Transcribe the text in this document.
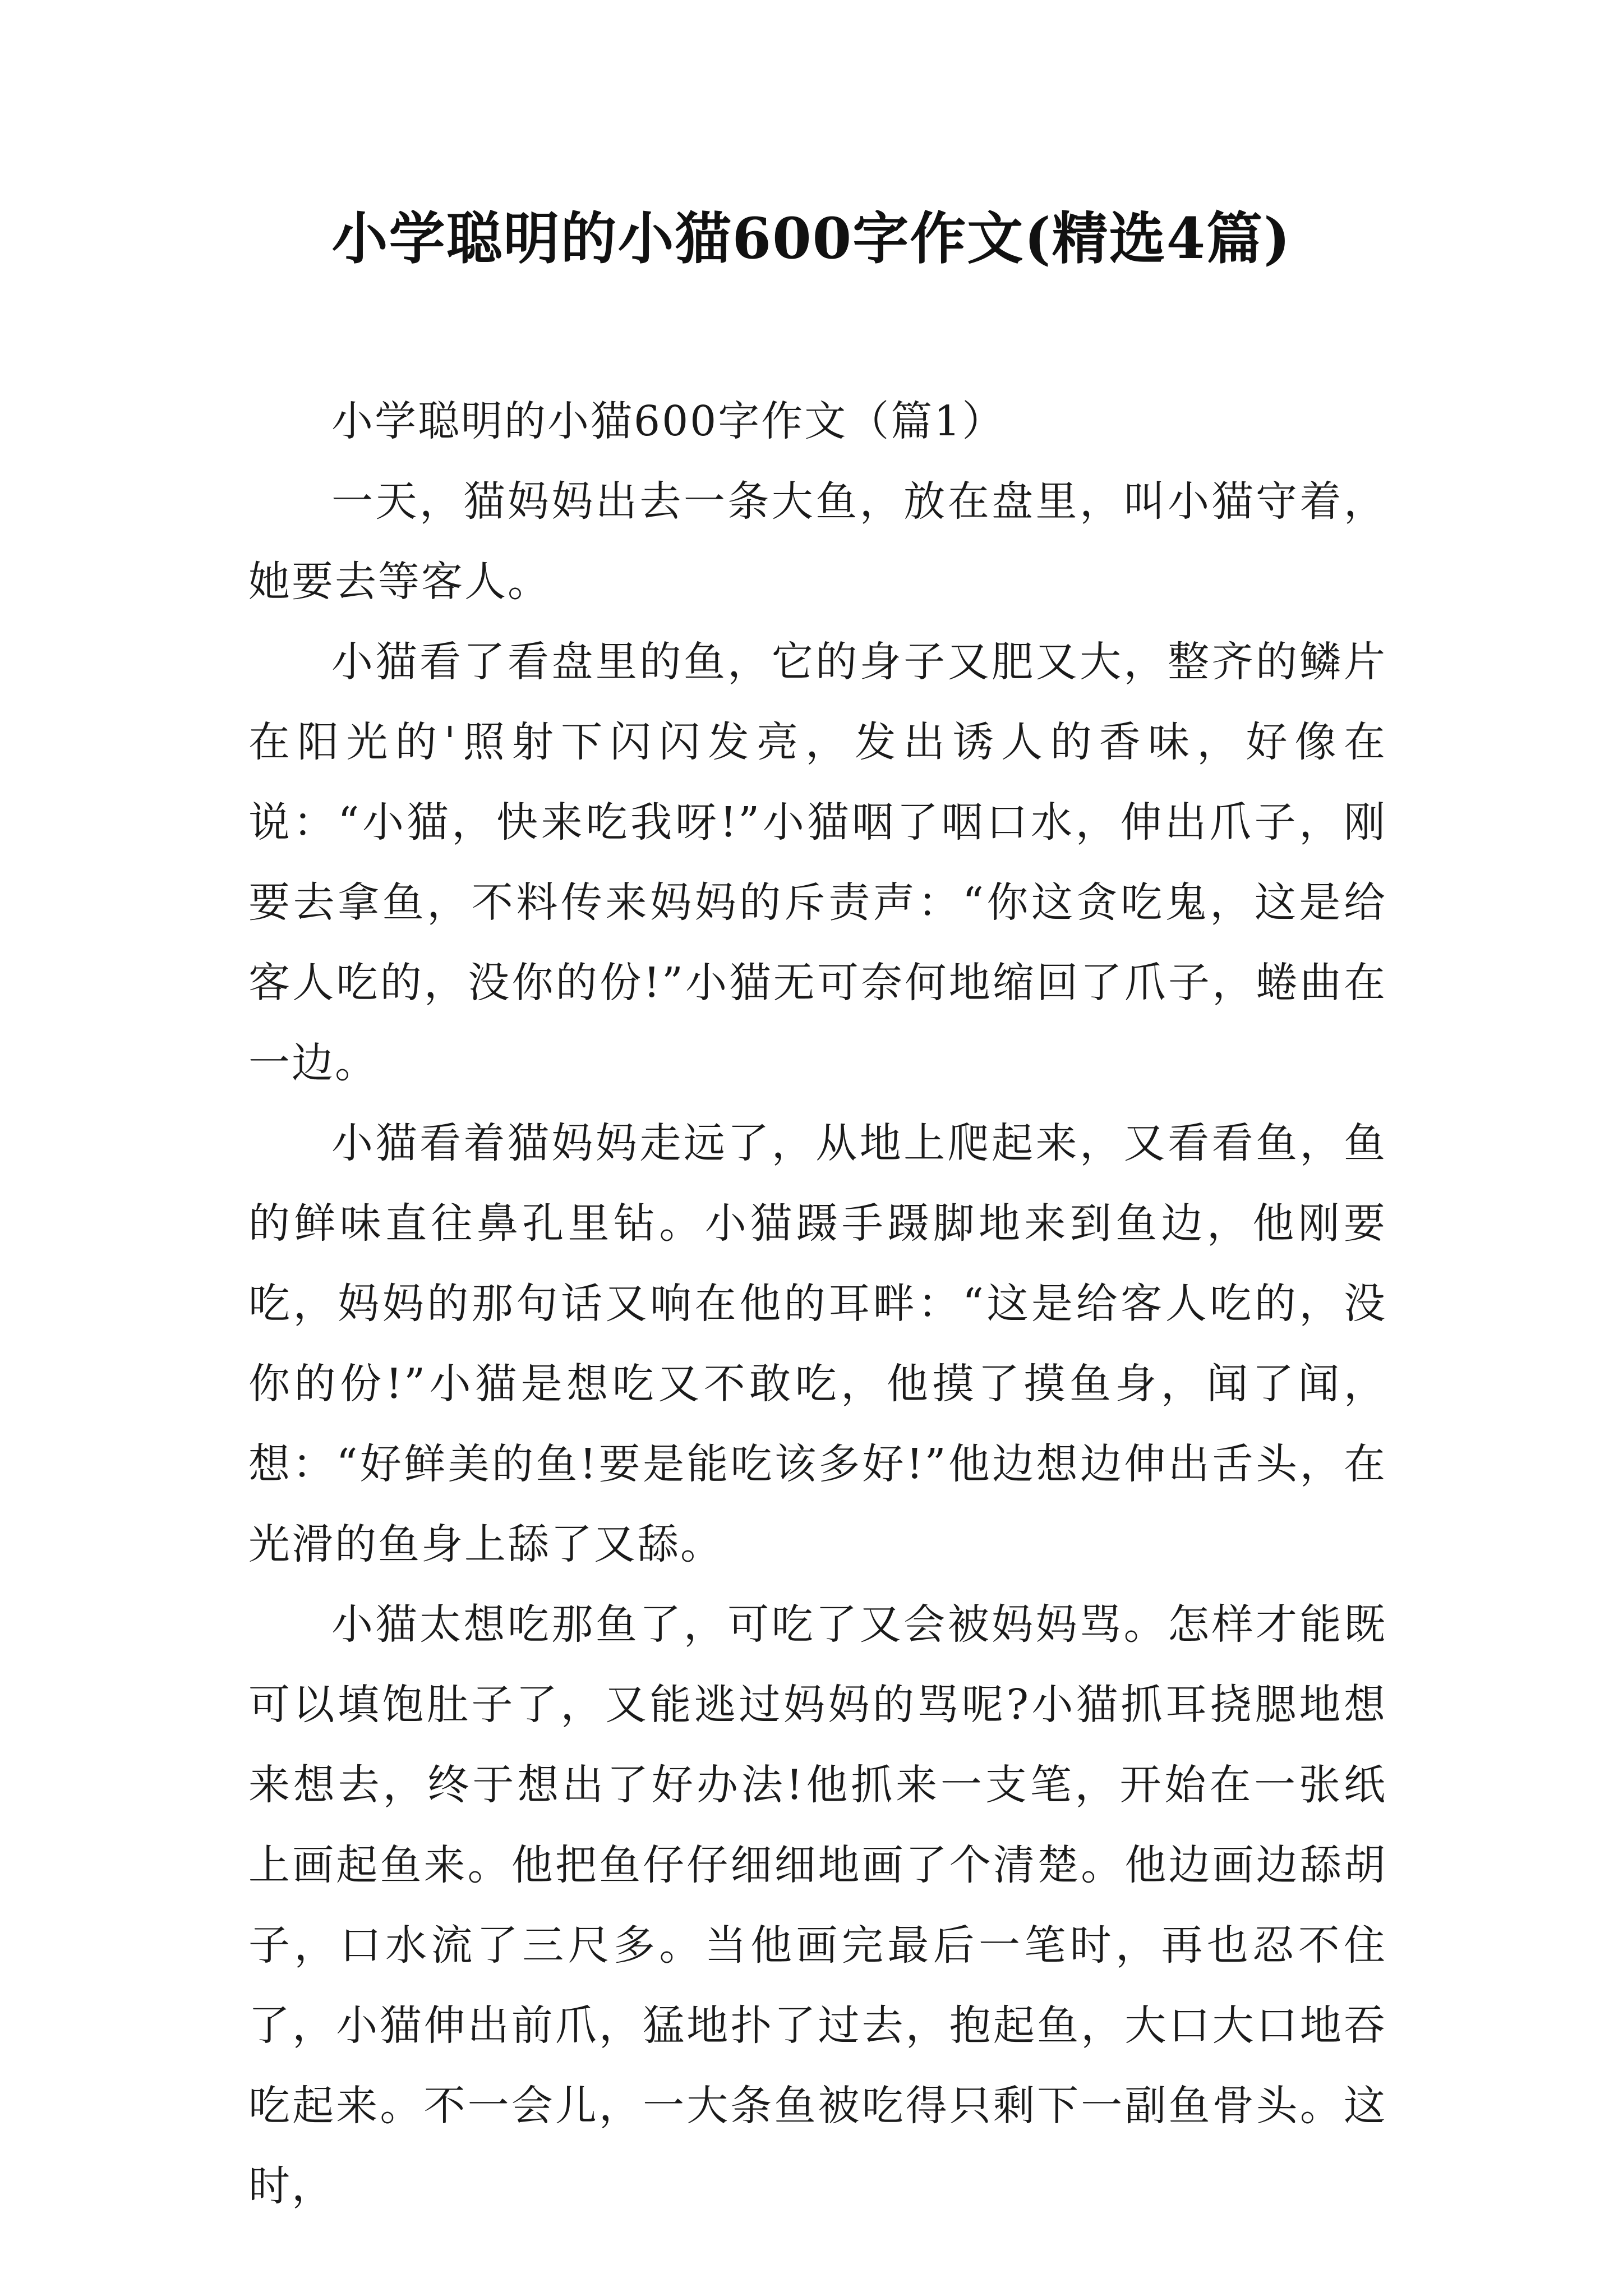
小学聪明的小猫600字作文(精选4篇)
小学聪明的小猫600字作文（篇1）

一天，猫妈妈出去一条大鱼，放在盘里，叫小猫守着，她要去等客人。

小猫看了看盘里的鱼，它的身子又肥又大，整齐的鳞片在阳光的'照射下闪闪发亮，发出诱人的香味，好像在说：“小猫，快来吃我呀!”小猫咽了咽口水，伸出爪子，刚要去拿鱼，不料传来妈妈的斥责声：“你这贪吃鬼，这是给客人吃的，没你的份!”小猫无可奈何地缩回了爪子，蜷曲在一边。

小猫看着猫妈妈走远了，从地上爬起来，又看看鱼，鱼的鲜味直往鼻孔里钻。小猫蹑手蹑脚地来到鱼边，他刚要吃，妈妈的那句话又响在他的耳畔：“这是给客人吃的，没你的份!”小猫是想吃又不敢吃，他摸了摸鱼身，闻了闻，想：“好鲜美的鱼!要是能吃该多好!”他边想边伸出舌头，在光滑的鱼身上舔了又舔。

小猫太想吃那鱼了，可吃了又会被妈妈骂。怎样才能既可以填饱肚子了，又能逃过妈妈的骂呢?小猫抓耳挠腮地想来想去，终于想出了好办法!他抓来一支笔，开始在一张纸上画起鱼来。他把鱼仔仔细细地画了个清楚。他边画边舔胡子，口水流了三尺多。当他画完最后一笔时，再也忍不住了，小猫伸出前爪，猛地扑了过去，抱起鱼，大口大口地吞吃起来。不一会儿，一大条鱼被吃得只剩下一副鱼骨头。这时，
